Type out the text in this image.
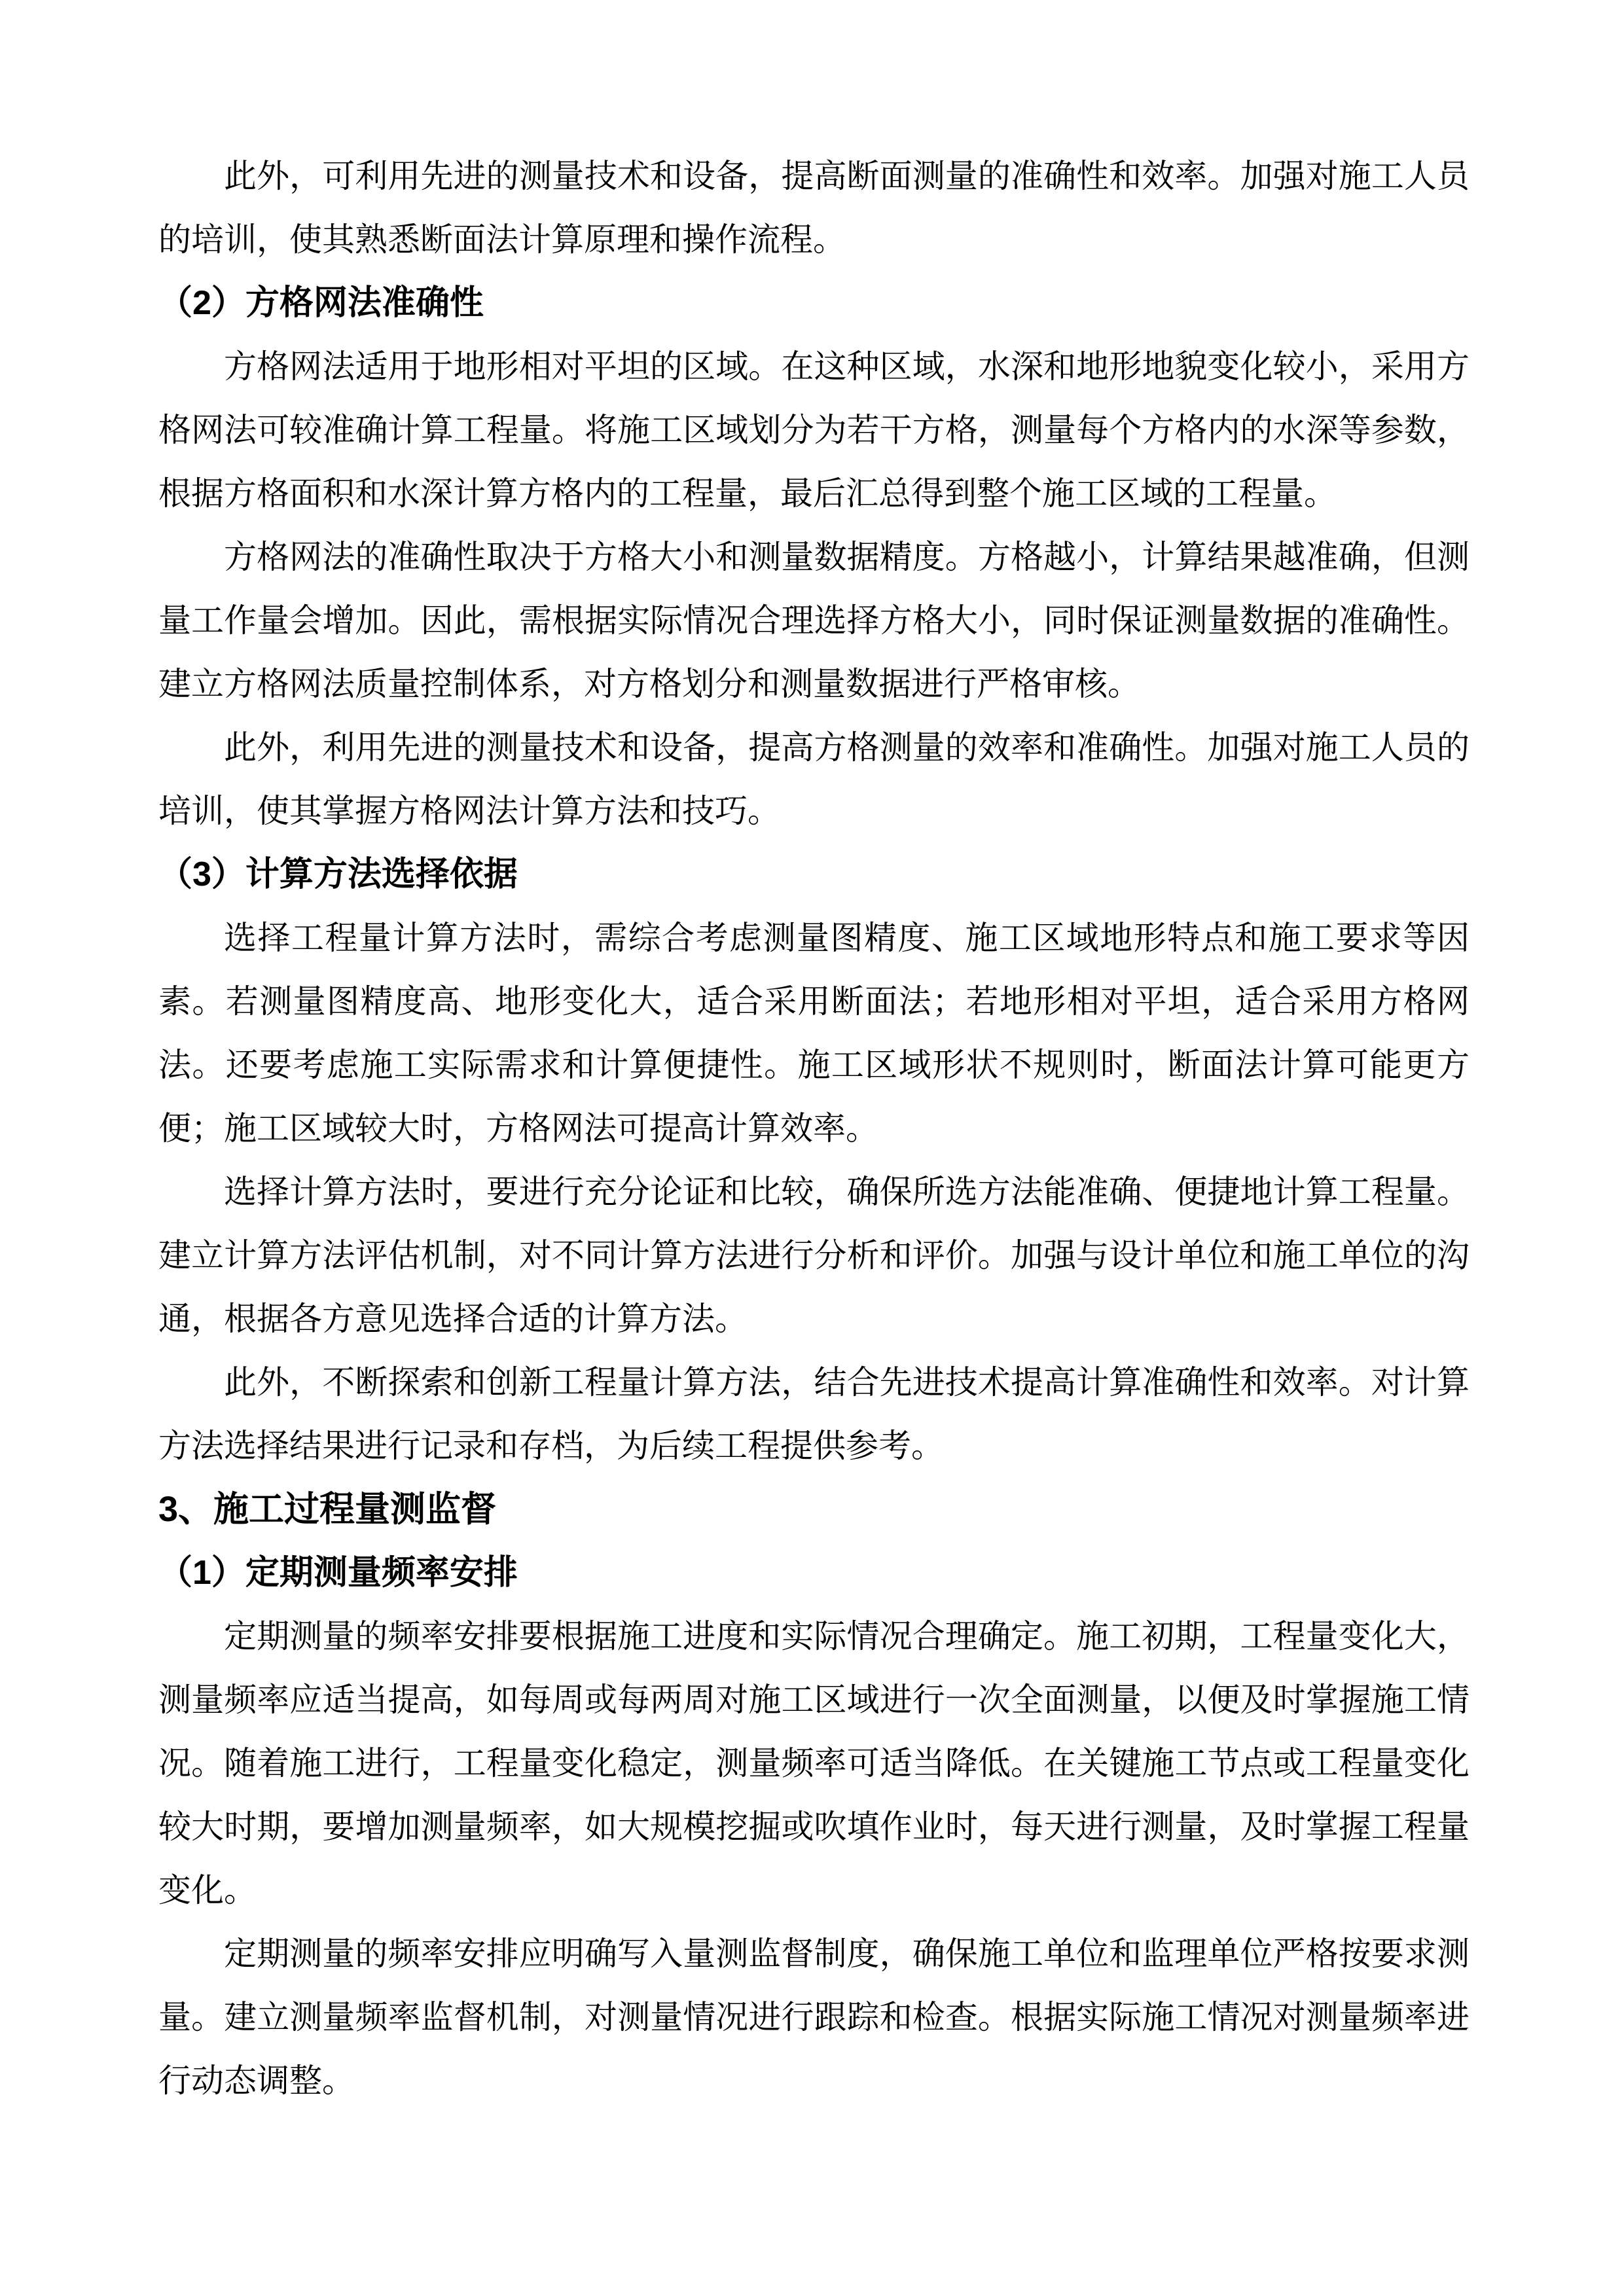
此外，可利用先进的测量技术和设备，提高断面测量的准确性和效率。加强对施工人员的培训，使其熟悉断面法计算原理和操作流程。

（2）方格网法准确性

方格网法适用于地形相对平坦的区域。在这种区域，水深和地形地貌变化较小，采用方格网法可较准确计算工程量。将施工区域划分为若干方格，测量每个方格内的水深等参数，根据方格面积和水深计算方格内的工程量，最后汇总得到整个施工区域的工程量。

方格网法的准确性取决于方格大小和测量数据精度。方格越小，计算结果越准确，但测量工作量会增加。因此，需根据实际情况合理选择方格大小，同时保证测量数据的准确性。建立方格网法质量控制体系，对方格划分和测量数据进行严格审核。

此外，利用先进的测量技术和设备，提高方格测量的效率和准确性。加强对施工人员的培训，使其掌握方格网法计算方法和技巧。

（3）计算方法选择依据

选择工程量计算方法时，需综合考虑测量图精度、施工区域地形特点和施工要求等因素。若测量图精度高、地形变化大，适合采用断面法；若地形相对平坦，适合采用方格网法。还要考虑施工实际需求和计算便捷性。施工区域形状不规则时，断面法计算可能更方便；施工区域较大时，方格网法可提高计算效率。

选择计算方法时，要进行充分论证和比较，确保所选方法能准确、便捷地计算工程量。建立计算方法评估机制，对不同计算方法进行分析和评价。加强与设计单位和施工单位的沟通，根据各方意见选择合适的计算方法。

此外，不断探索和创新工程量计算方法，结合先进技术提高计算准确性和效率。对计算方法选择结果进行记录和存档，为后续工程提供参考。

3、施工过程量测监督

（1）定期测量频率安排

定期测量的频率安排要根据施工进度和实际情况合理确定。施工初期，工程量变化大，测量频率应适当提高，如每周或每两周对施工区域进行一次全面测量，以便及时掌握施工情况。随着施工进行，工程量变化稳定，测量频率可适当降低。在关键施工节点或工程量变化较大时期，要增加测量频率，如大规模挖掘或吹填作业时，每天进行测量，及时掌握工程量变化。

定期测量的频率安排应明确写入量测监督制度，确保施工单位和监理单位严格按要求测量。建立测量频率监督机制，对测量情况进行跟踪和检查。根据实际施工情况对测量频率进行动态调整。
